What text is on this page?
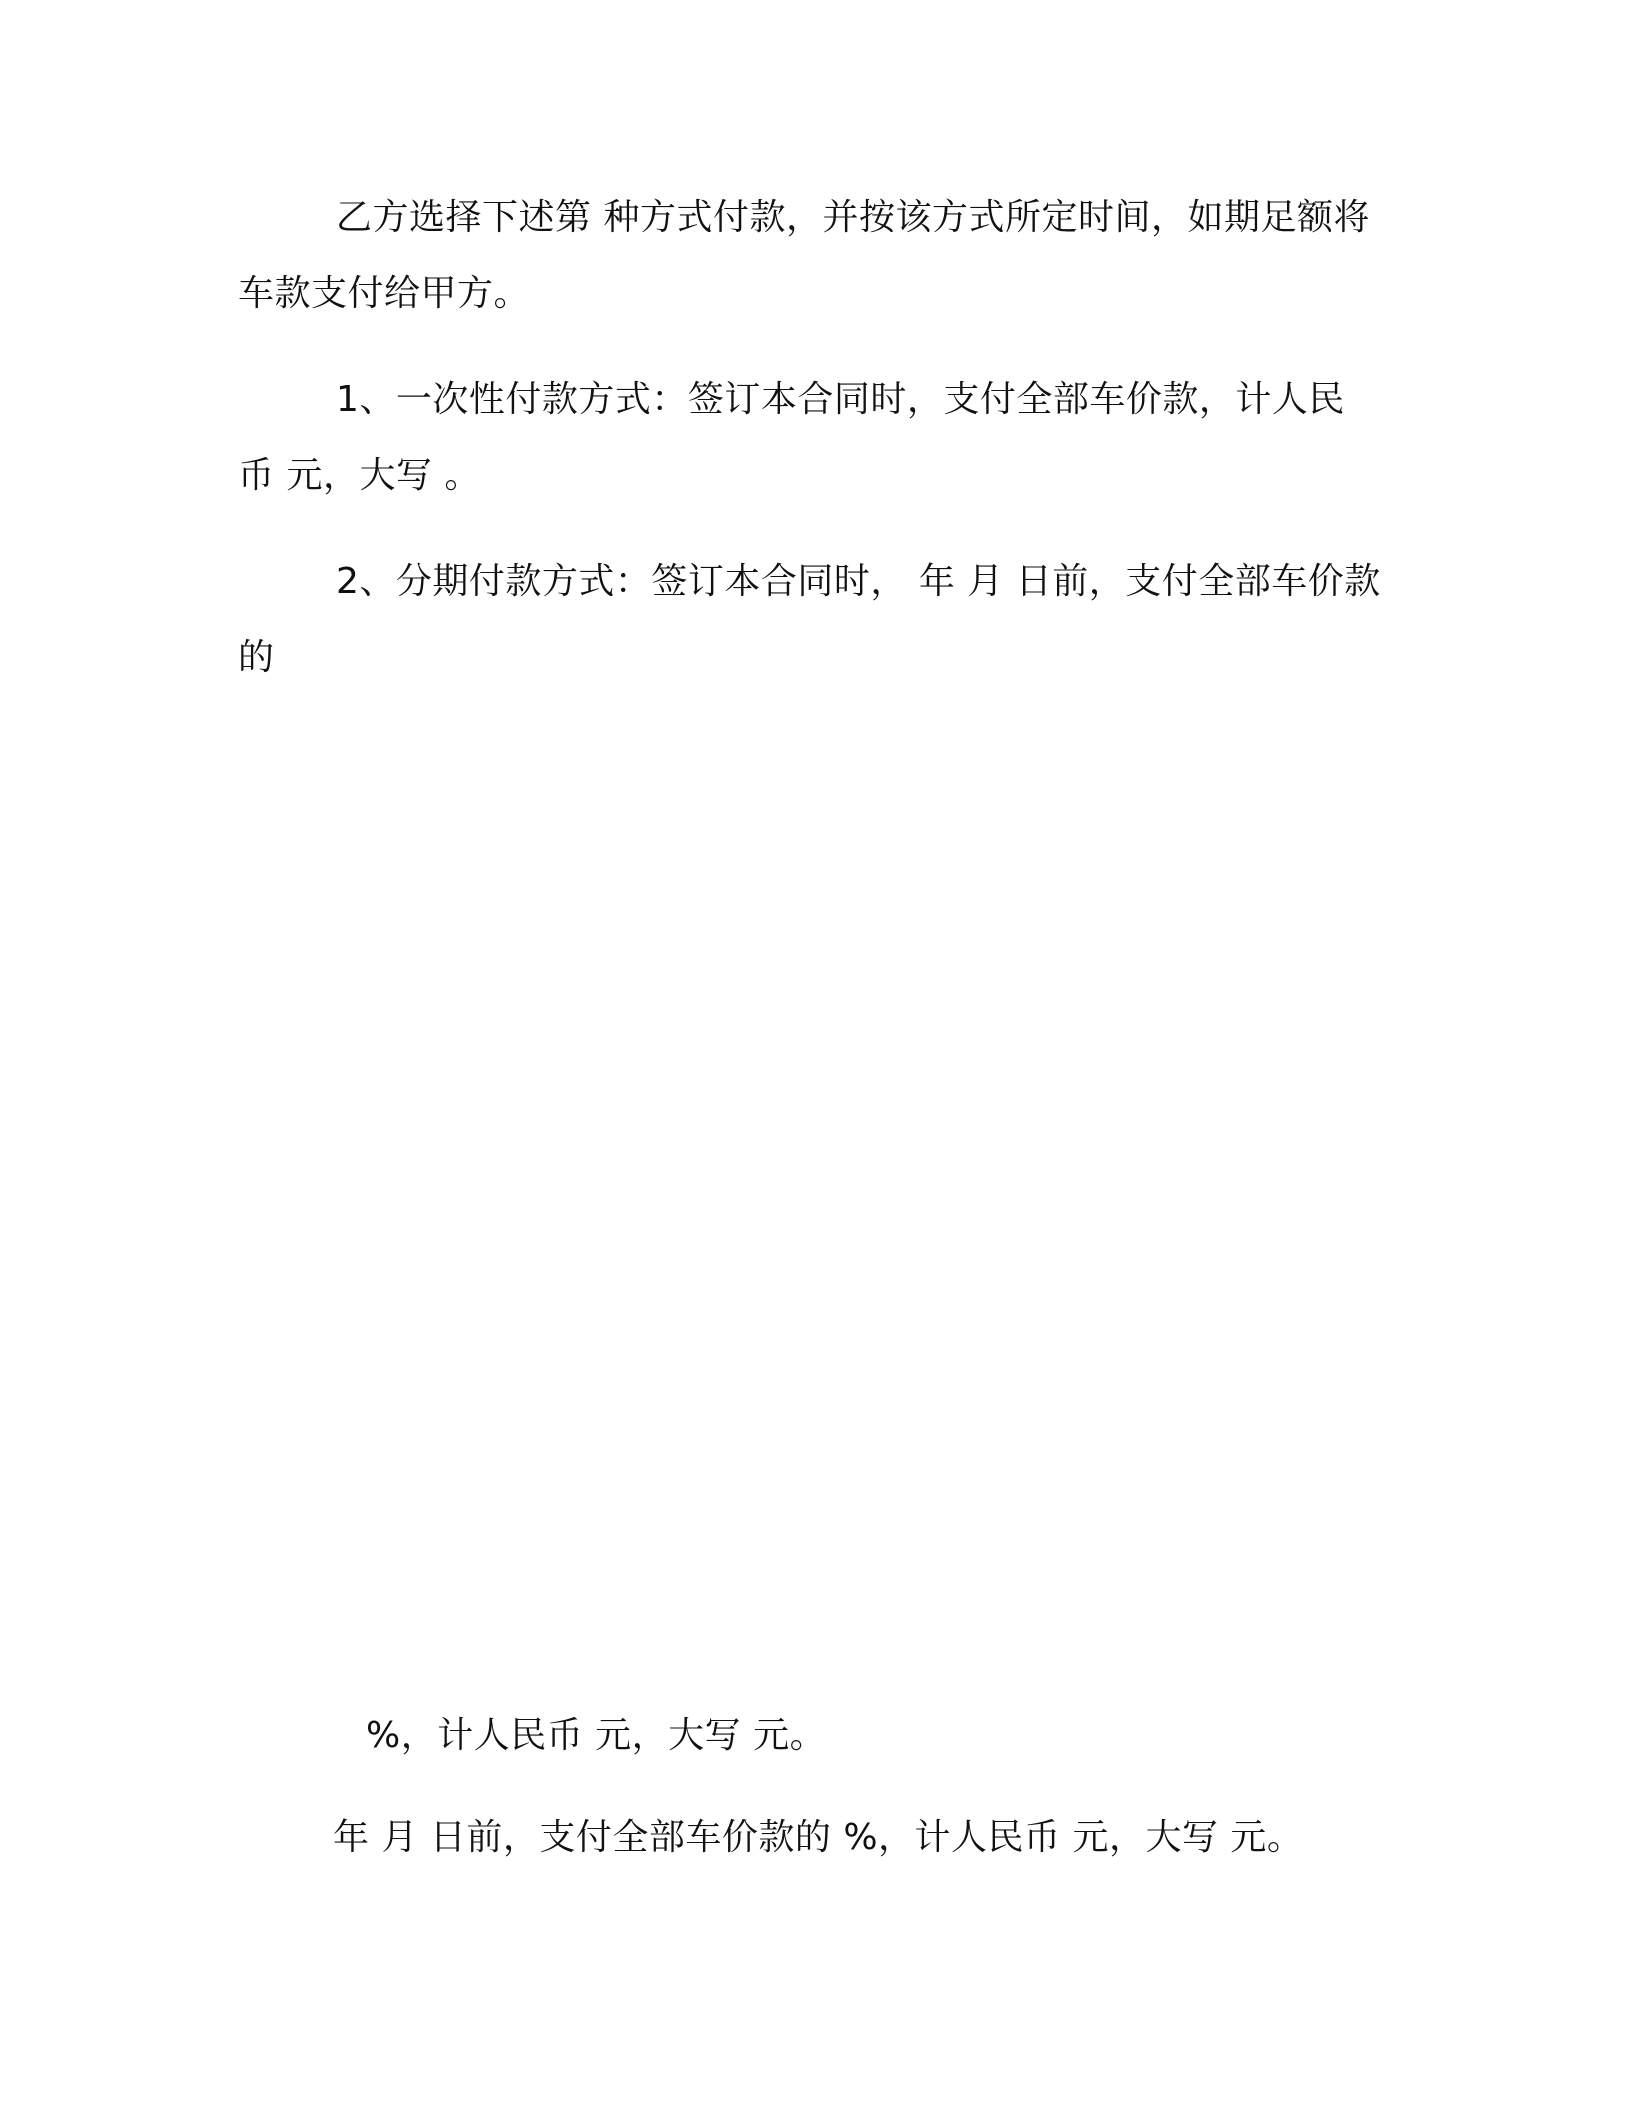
乙方选择下述第 种方式付款，并按该方式所定时间，如期足额将
车款支付给甲方。
1、一次性付款方式：签订本合同时，支付全部车价款，计人民
币 元，大写 。
2、分期付款方式：签订本合同时， 年 月 日前，支付全部车价款
的
%，计人民币 元，大写 元。
年 月 日前，支付全部车价款的 %，计人民币 元，大写 元。
